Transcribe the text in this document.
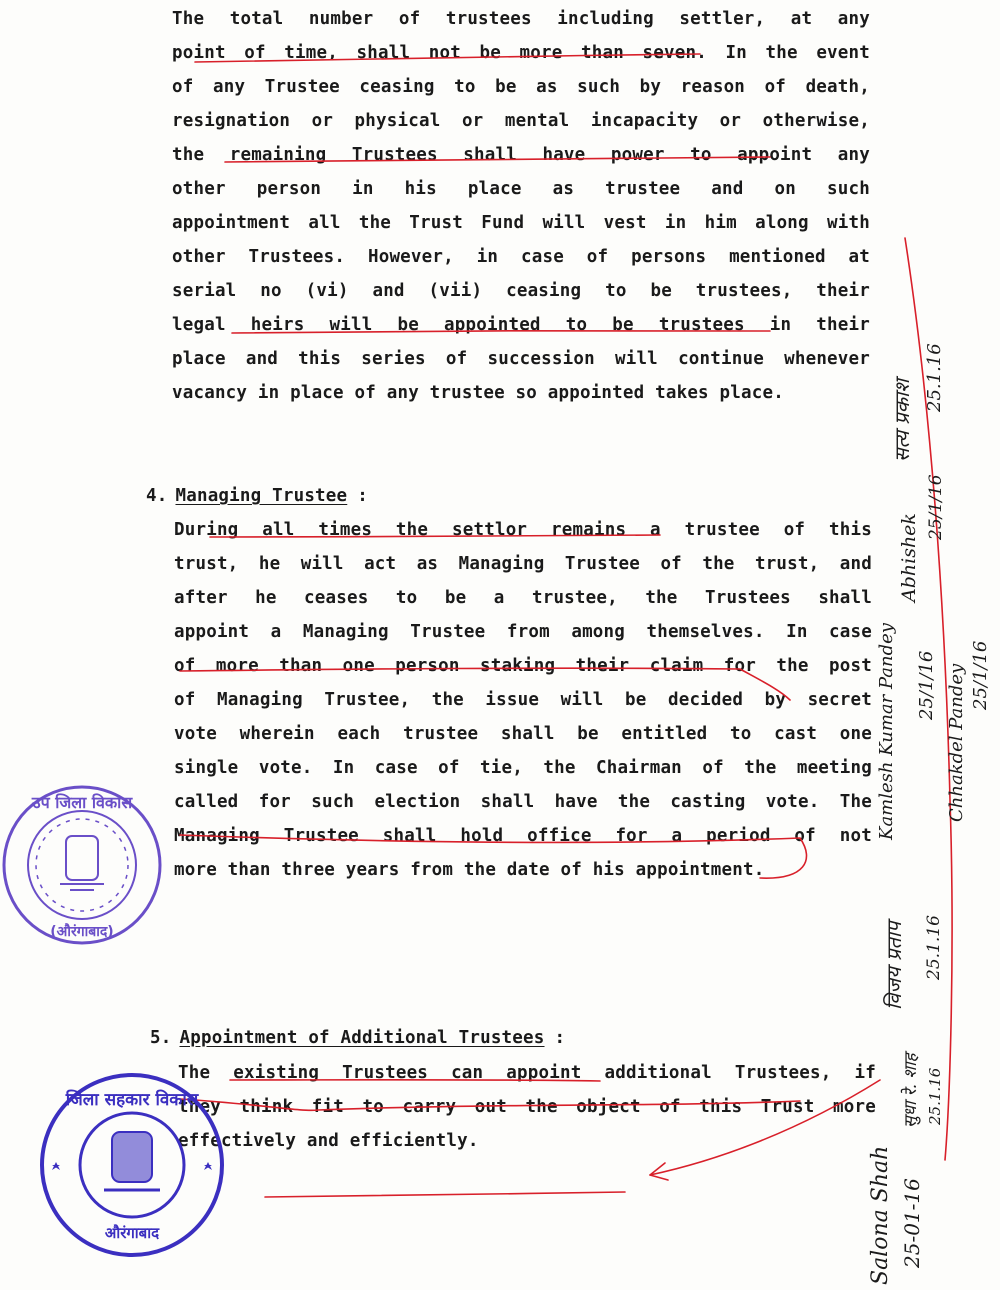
The total number of trustees including settler, at any
point of time, shall not be more than seven. In the event
of any Trustee ceasing to be as such by reason of death,
resignation or physical or mental incapacity or otherwise,
the remaining Trustees shall have power to appoint any
other person in his place as trustee and on such
appointment all the Trust Fund will vest in him along with
other Trustees. However, in case of persons mentioned at
serial no (vi) and (vii) ceasing to be trustees, their
legal heirs will be appointed to be trustees in their
place and this series of succession will continue whenever
vacancy in place of any trustee so appointed takes place.
4. Managing Trustee :
During all times the settlor remains a trustee of this
trust, he will act as Managing Trustee of the trust, and
after he ceases to be a trustee, the Trustees shall
appoint a Managing Trustee from among themselves. In case
of more than one person staking their claim for the post
of Managing Trustee, the issue will be decided by secret
vote wherein each trustee shall be entitled to cast one
single vote. In case of tie, the Chairman of the meeting
called for such election shall have the casting vote. The
Managing Trustee shall hold office for a period of not
more than three years from the date of his appointment.
5. Appointment of Additional Trustees :
The existing Trustees can appoint additional Trustees, if
they think fit to carry out the object of this Trust more
effectively and efficiently.
उप जिला विकास
(औरंगाबाद)
जिला सहकार विकास
औरंगाबाद
सत्य प्रकाश
25.1.16
Abhishek
25/1/16
Kamlesh Kumar Pandey 25/1/16 Chhakdel Pandey 25/1/16
विजय प्रताप 25.1.16
सुधा रे. शाह 25.1.16
Salona Shah 25-01-16
